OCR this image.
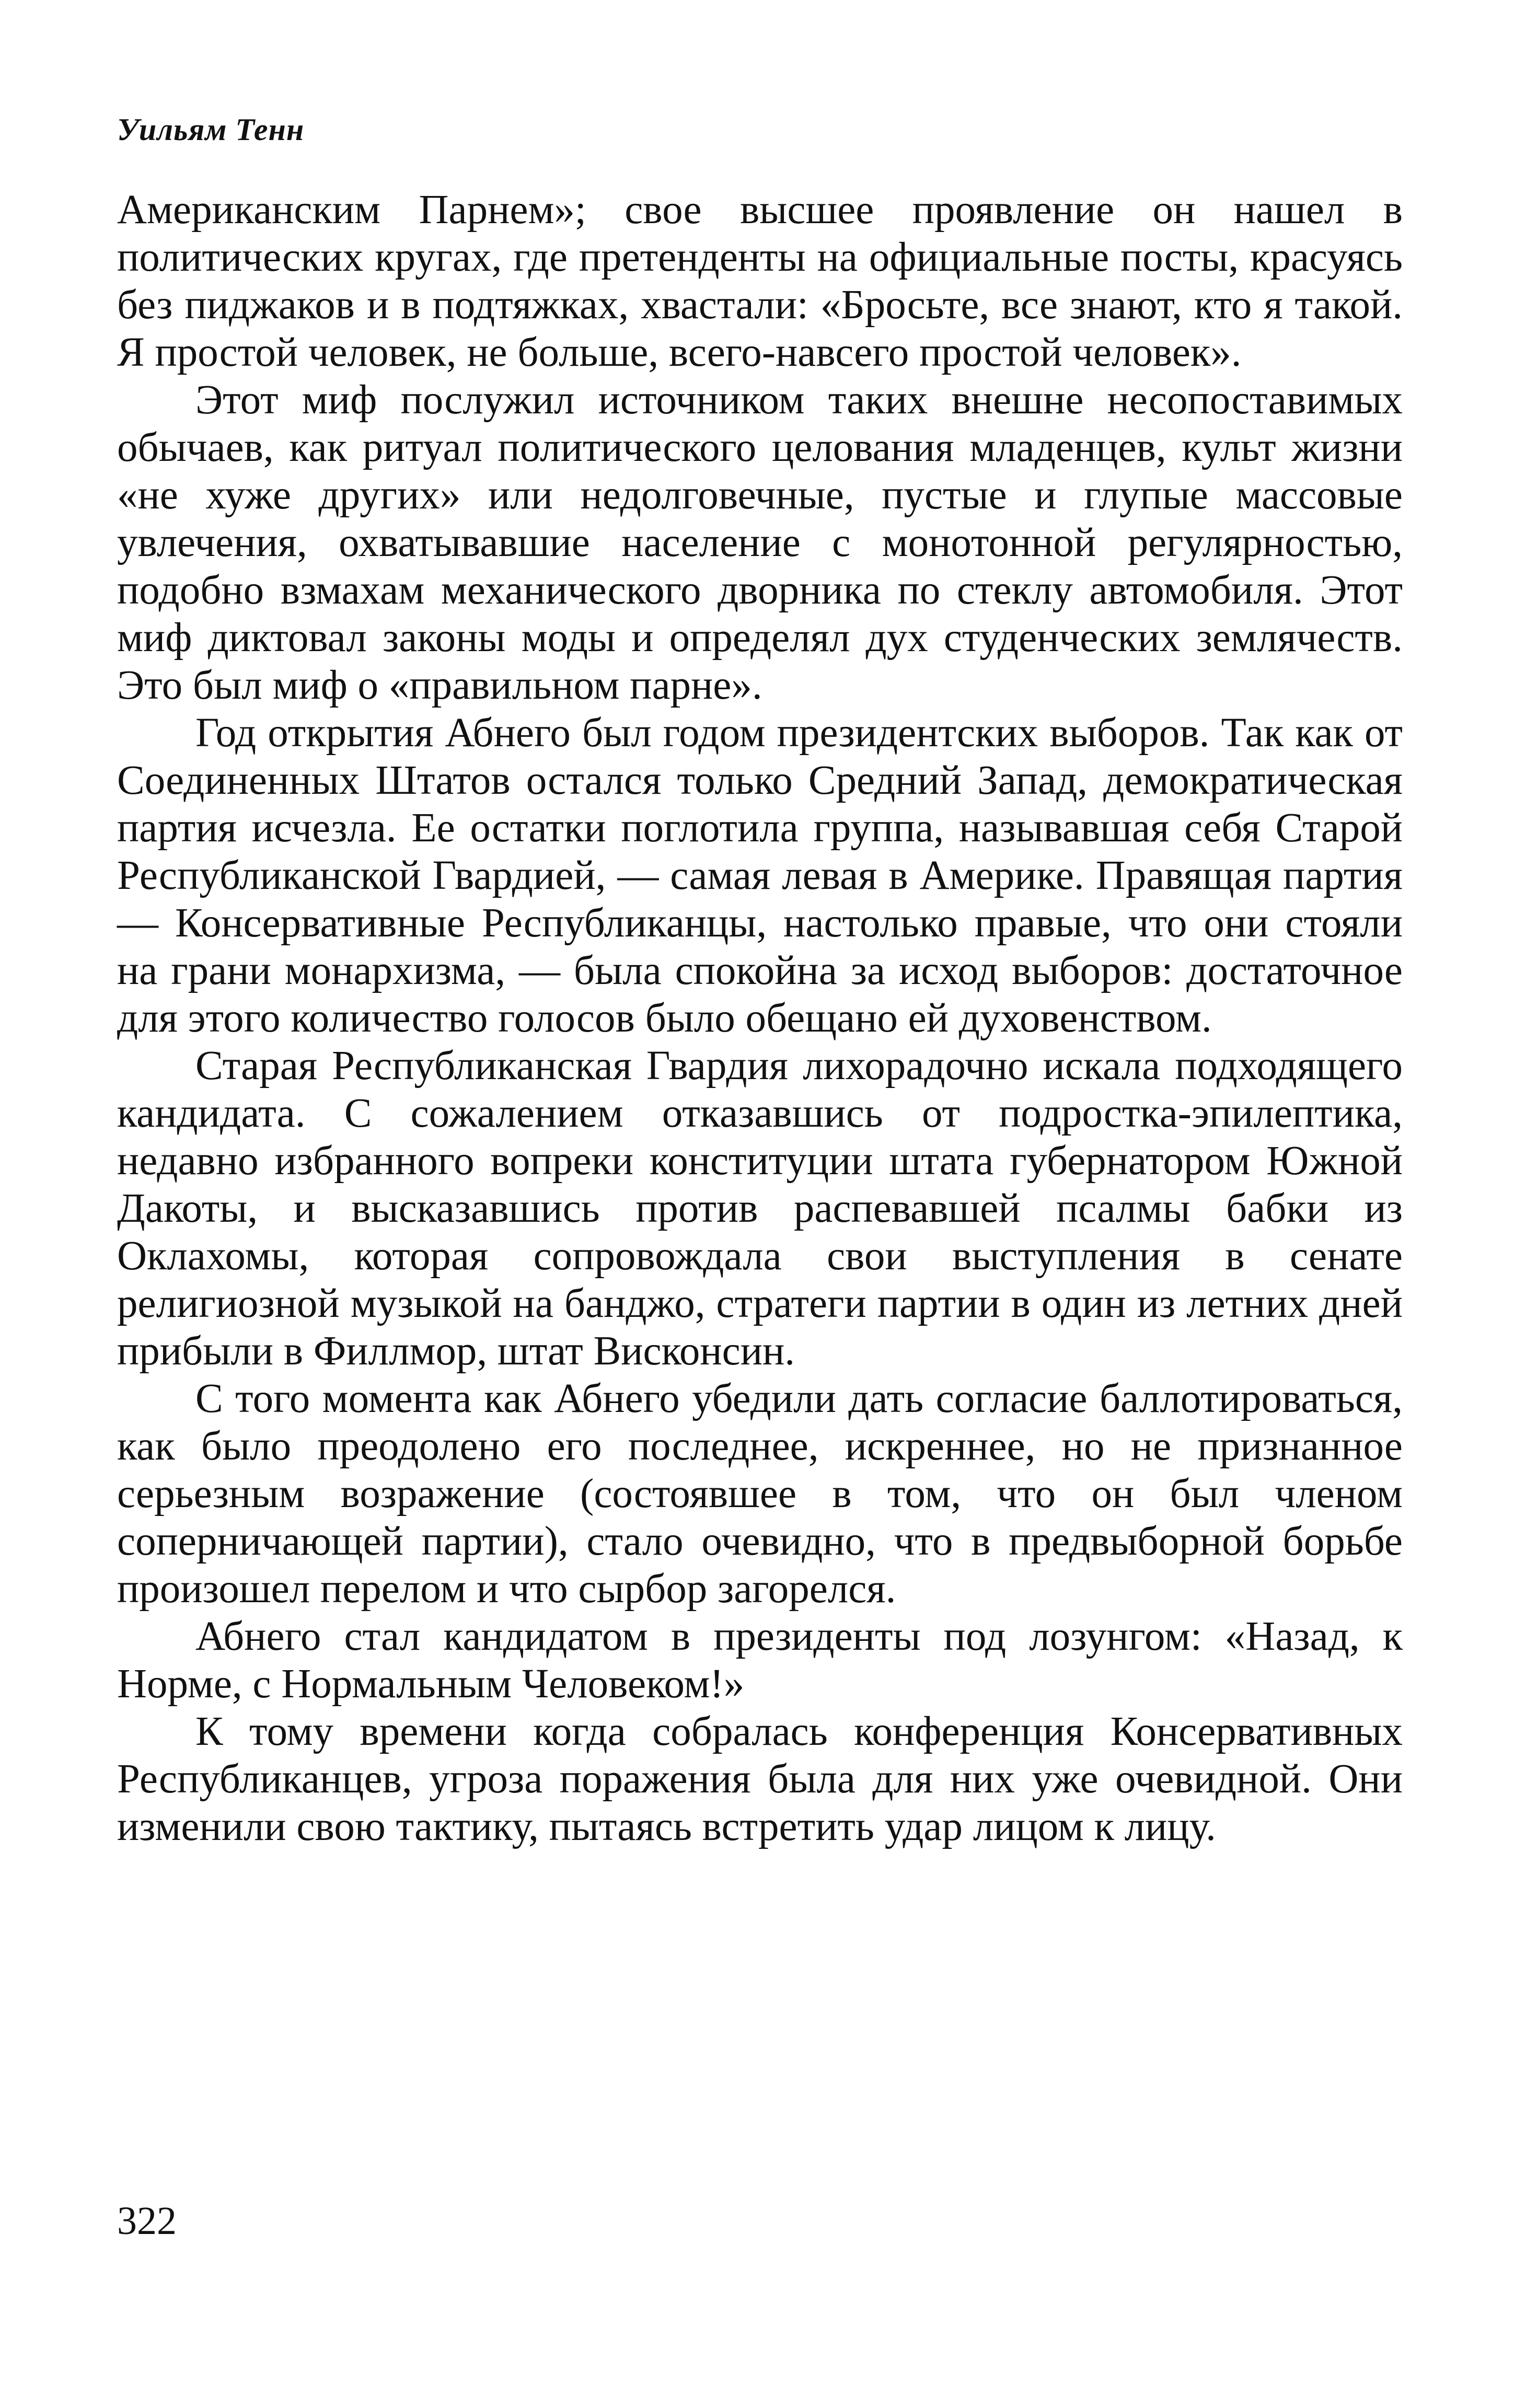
Уильям Тенн

Американским Парнем»; свое высшее проявление он нашел в политических кругах, где претенденты на официальные посты, красуясь без пиджаков и в подтяжках, хвастали: «Бросьте, все знают, кто я такой. Я простой человек, не больше, всего-навсего простой человек».

Этот миф послужил источником таких внешне несопоставимых обычаев, как ритуал политического целования младенцев, культ жизни «не хуже других» или недолговечные, пустые и глупые массовые увлечения, охватывавшие население с монотонной регулярностью, подобно взмахам механического дворника по стеклу автомобиля. Этот миф диктовал законы моды и определял дух студенческих землячеств. Это был миф о «правильном парне».

Год открытия Абнего был годом президентских выборов. Так как от Соединенных Штатов остался только Средний Запад, демократическая партия исчезла. Ее остатки поглотила группа, называвшая себя Старой Республиканской Гвардией, — самая левая в Америке. Правящая партия — Консервативные Республиканцы, настолько правые, что они стояли на грани монархизма, — была спокойна за исход выборов: достаточное для этого количество голосов было обещано ей духовенством.

Старая Республиканская Гвардия лихорадочно искала подходящего кандидата. С сожалением отказавшись от подростка-эпилептика, недавно избранного вопреки конституции штата губернатором Южной Дакоты, и высказавшись против распевавшей псалмы бабки из Оклахомы, которая сопровождала свои выступления в сенате религиозной музыкой на банджо, стратеги партии в один из летних дней прибыли в Филлмор, штат Висконсин.

С того момента как Абнего убедили дать согласие баллотироваться, как было преодолено его последнее, искреннее, но не признанное серьезным возражение (состоявшее в том, что он был членом соперничающей партии), стало очевидно, что в предвыборной борьбе произошел перелом и что сырбор загорелся.

Абнего стал кандидатом в президенты под лозунгом: «Назад, к Норме, с Нормальным Человеком!»

К тому времени когда собралась конференция Консервативных Республиканцев, угроза поражения была для них уже очевидной. Они изменили свою тактику, пытаясь встретить удар лицом к лицу.

322
